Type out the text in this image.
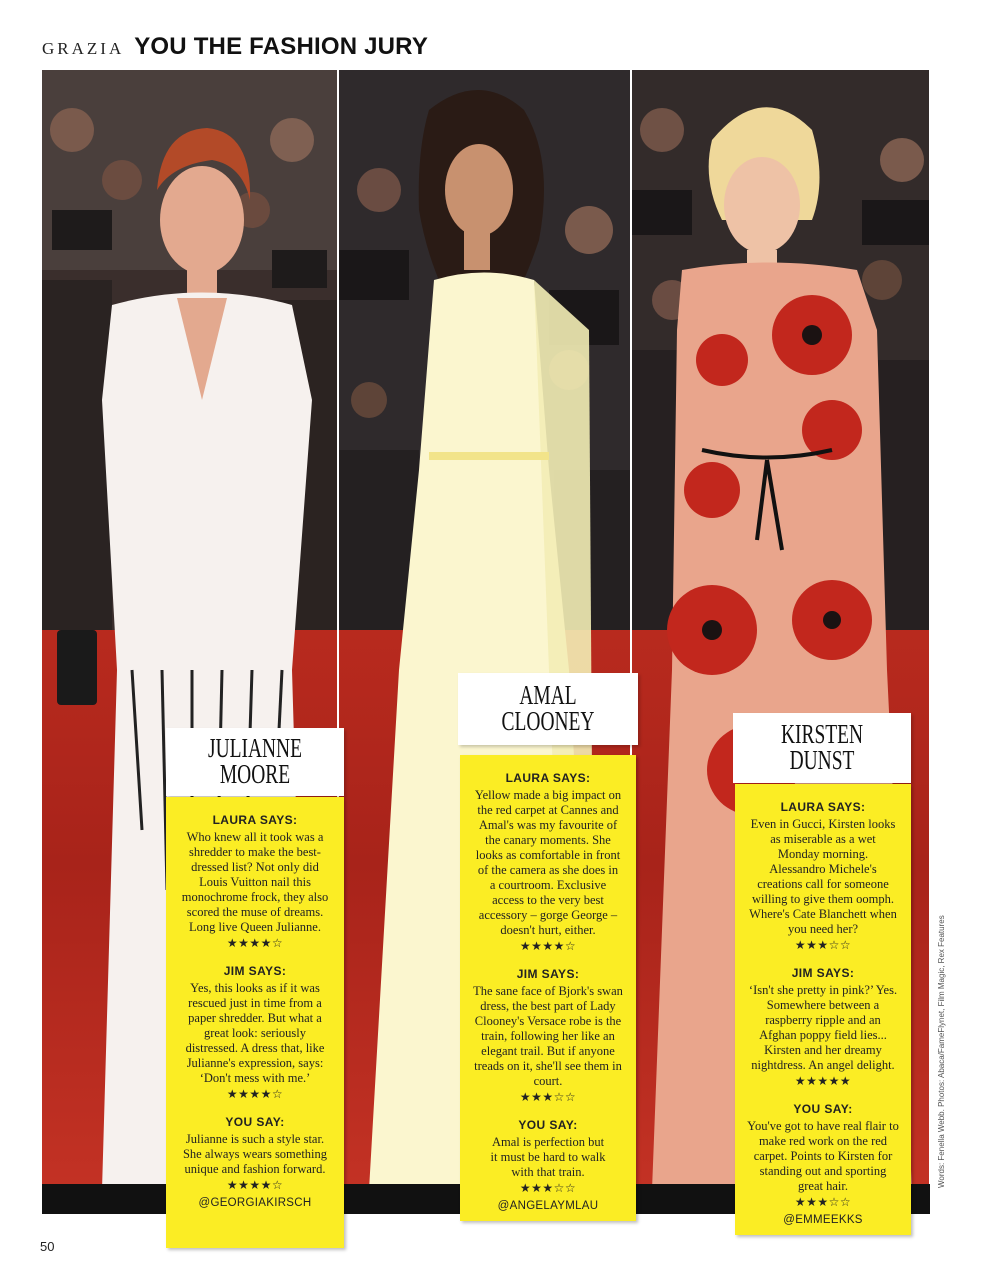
GRAZIA YOU THE FASHION JURY
JULIANNE
MOORE
AMAL
CLOONEY	KIRSTEN
DUNST
LAURA SAYS:
Who knew all it took was a shredder to make the best-dressed list? Not only did Louis Vuitton nail this monochrome frock, they also scored the muse of dreams. Long live Queen Julianne.
★★★★☆
JIM SAYS:
Yes, this looks as if it was rescued just in time from a paper shredder. But what a great look: seriously distressed. A dress that, like Julianne's expression, says: ‘Don't mess with me.’
★★★★☆
YOU SAY:
Julianne is such a style star. She always wears something unique and fashion forward.
★★★★☆
@GEORGIAKIRSCH
LAURA SAYS:
Yellow made a big impact on the red carpet at Cannes and Amal's was my favourite of the canary moments. She looks as comfortable in front of the camera as she does in a courtroom. Exclusive access to the very best accessory – gorge George – doesn't hurt, either.
★★★★☆
JIM SAYS:
The sane face of Bjork's swan dress, the best part of Lady Clooney's Versace robe is the train, following her like an elegant trail. But if anyone treads on it, she'll see them in court.
★★★☆☆
YOU SAY:
Amal is perfection but it must be hard to walk with that train.
★★★☆☆
@ANGELAYMLAU
LAURA SAYS:
Even in Gucci, Kirsten looks as miserable as a wet Monday morning. Alessandro Michele's creations call for someone willing to give them oomph. Where's Cate Blanchett when you need her?
★★★☆☆
JIM SAYS:
‘Isn't she pretty in pink?’ Yes. Somewhere between a raspberry ripple and an Afghan poppy field lies... Kirsten and her dreamy nightdress. An angel delight.
★★★★★
YOU SAY:
You've got to have real flair to make red work on the red carpet. Points to Kirsten for standing out and sporting great hair.
★★★☆☆
@EMMEEKKS
50
Words: Fenella Webb. Photos: Abaca/FameFlynet, Film Magic, Rex Features
